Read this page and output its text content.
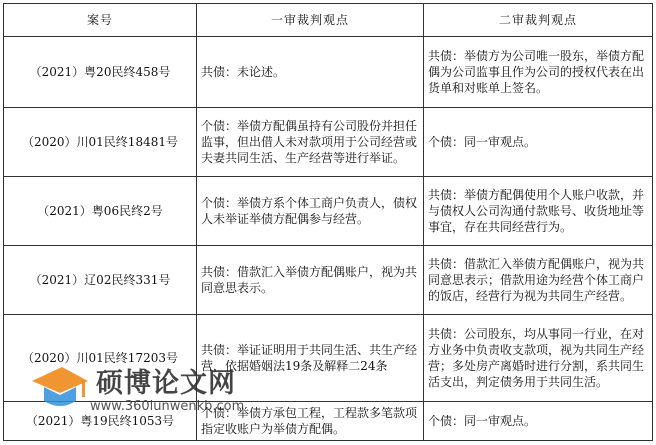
案号	一审裁判观点	二审裁判观点
（2021）粤20民终458号	共债：未论述。	共债：举债方为公司唯一股东，举债方配偶为公司监事且作为公司的授权代表在出货单和对账单上签名。
（2020）川01民终18481号	个债：举债方配偶虽持有公司股份并担任监事，但出借人未对款项用于公司经营或夫妻共同生活、生产经营等进行举证。	个债：同一审观点。
（2021）粤06民终2号	个债：举债方系个体工商户负责人，债权人未举证举债方配偶参与经营。	共债：举债方配偶使用个人账户收款，并与债权人公司沟通付款账号、收货地址等事宜，存在共同经营行为。
（2021）辽02民终331号	共债：借款汇入举债方配偶账户，视为共同意思表示。	共债：借款汇入举债方配偶账户，视为共同意思表示；借款用途为经营个体工商户的饭店，经营行为视为共同生产经营。
（2020）川01民终17203号	共债：举证证明用于共同生活、共生产经营，依据婚姻法19条及解释二24条	共债：公司股东，均从事同一行业，在对方业务中负责收支款项，视为共同生产经营；多处房产离婚时进行分割，系共同生活支出，判定债务用于共同生活。
（2021）粤19民终1053号	个债：举债方承包工程，工程款多笔款项指定收账户为举债方配偶。	个债：同一审观点。
硕博论文网
www.360lunwenkb.com
